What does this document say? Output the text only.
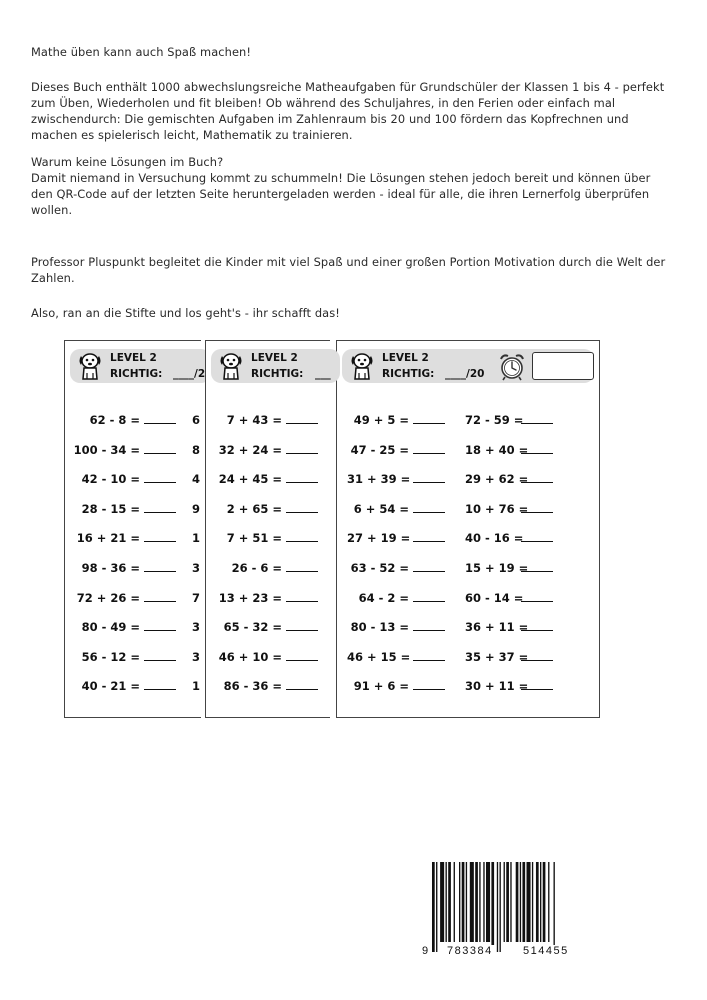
Mathe üben kann auch Spaß machen!

Dieses Buch enthält 1000 abwechslungsreiche Matheaufgaben für Grundschüler der Klassen 1 bis 4 - perfekt zum Üben, Wiederholen und fit bleiben! Ob während des Schuljahres, in den Ferien oder einfach mal zwischendurch: Die gemischten Aufgaben im Zahlenraum bis 20 und 100 fördern das Kopfrechnen und machen es spielerisch leicht, Mathematik zu trainieren.

Warum keine Lösungen im Buch?

Damit niemand in Versuchung kommt zu schummeln! Die Lösungen stehen jedoch bereit und können über den QR-Code auf der letzten Seite heruntergeladen werden - ideal für alle, die ihren Lernerfolg überprüfen wollen.

Professor Pluspunkt begleitet die Kinder mit viel Spaß und einer großen Portion Motivation durch die Welt der Zahlen.

Also, ran an die Stifte und los geht's - ihr schafft das!

LEVEL 2
RICHTIG: ____/2
62 - 8 =	6
100 - 34 =	8
42 - 10 =	4
28 - 15 =	9
16 + 21 =	1
98 - 36 =	3
72 + 26 =	7
80 - 49 =	3
56 - 12 =	3
40 - 21 =	1
LEVEL 2
RICHTIG: ____/20
49 + 5 =	72 - 59 =
47 - 25 =	18 + 40 =
31 + 39 =	29 + 62 =
6 + 54 =	10 + 76 =
27 + 19 =	40 - 16 =
63 - 52 =	15 + 19 =
64 - 2 =	60 - 14 =
80 - 13 =	36 + 11 =
46 + 15 =	35 + 37 =
91 + 6 =	30 + 11 =
LEVEL 2
RICHTIG: ___
7 + 43 =
32 + 24 =
24 + 45 =
2 + 65 =
7 + 51 =
26 - 6 =
13 + 23 =
65 - 32 =
46 + 10 =
86 - 36 =
9 783384	514455
